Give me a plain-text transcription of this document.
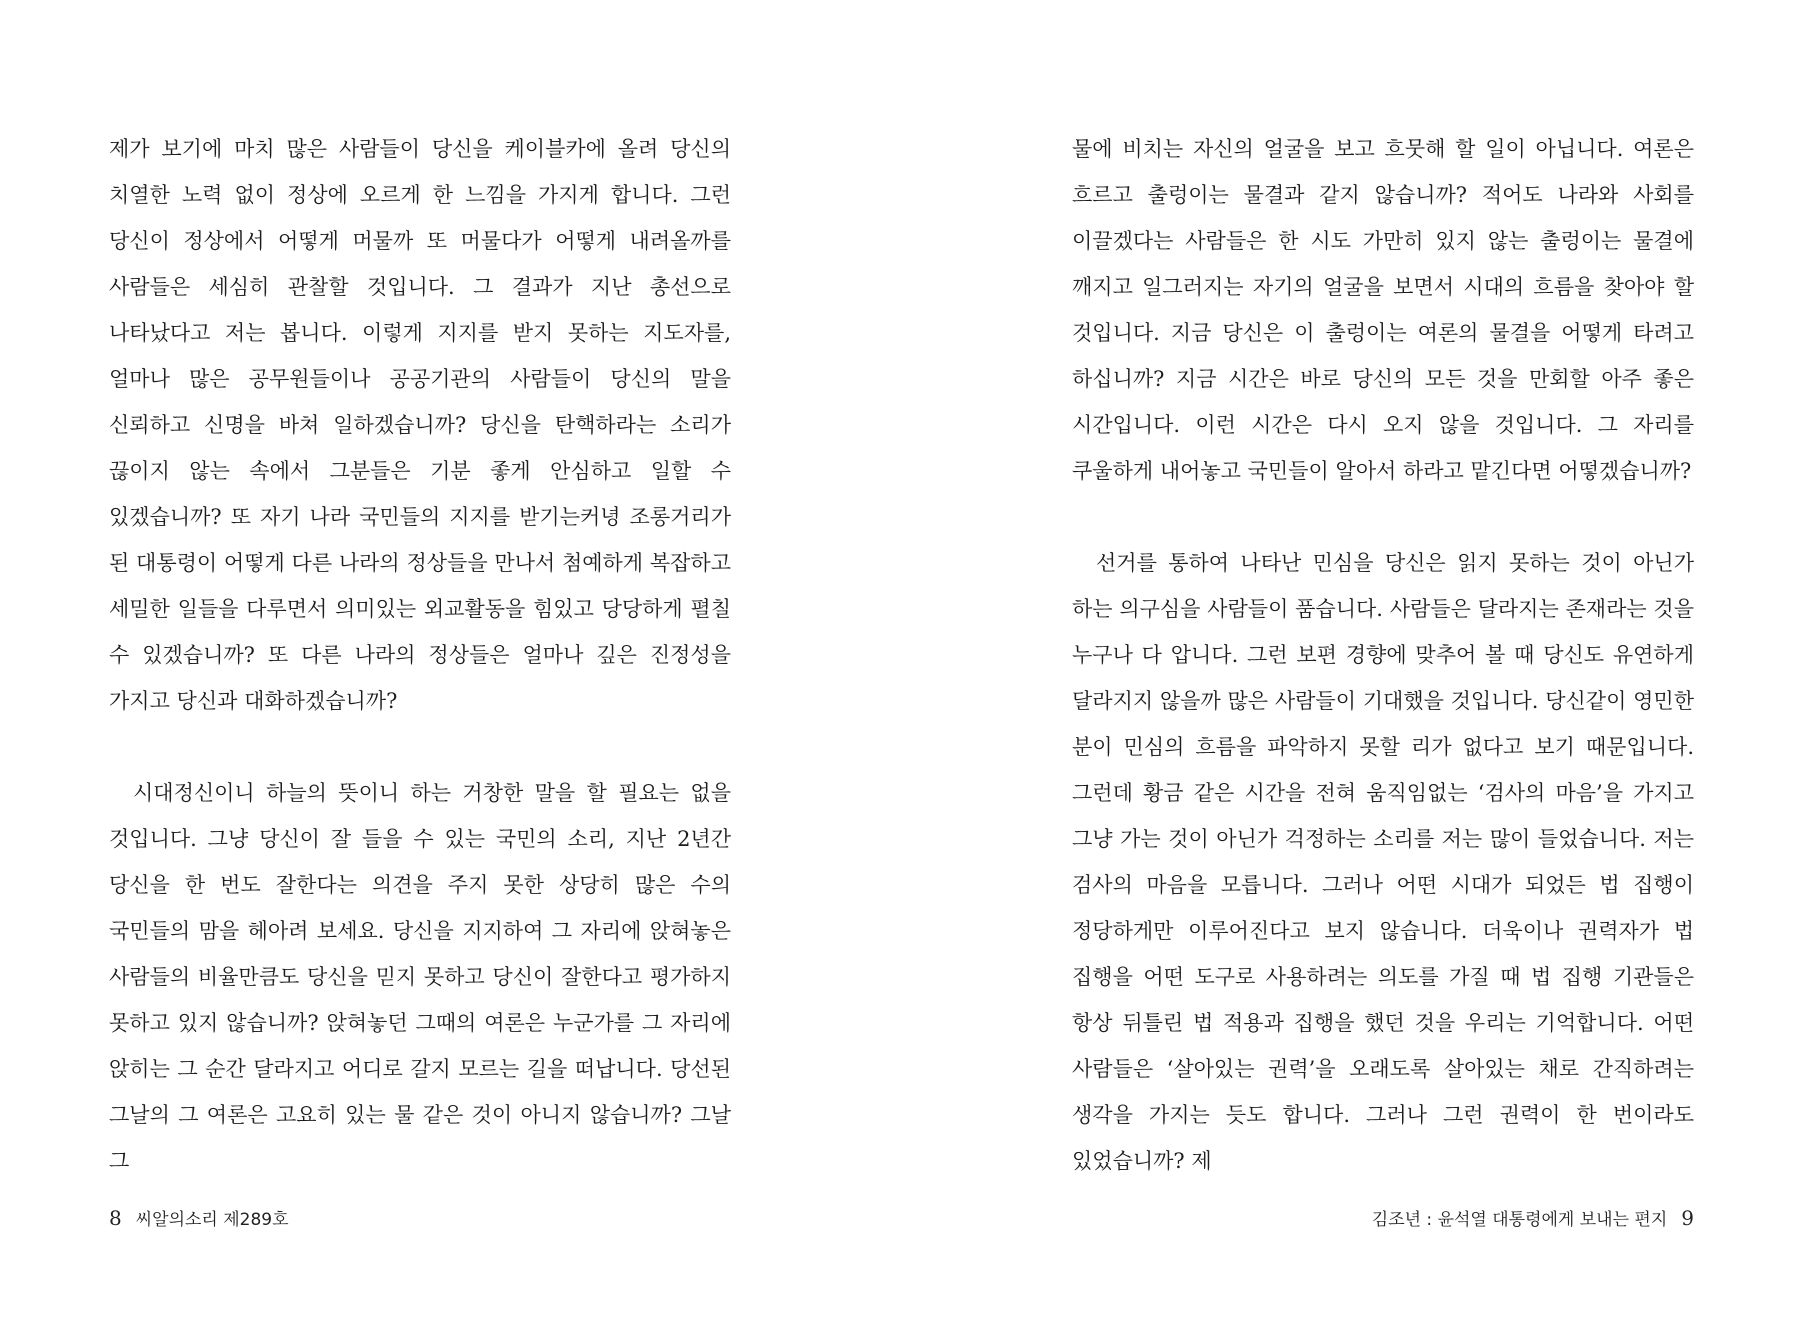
제가 보기에 마치 많은 사람들이 당신을 케이블카에 올려 당신의 치열한 노력 없이 정상에 오르게 한 느낌을 가지게 합니다. 그런 당신이 정상에서 어떻게 머물까 또 머물다가 어떻게 내려올까를 사람들은 세심히 관찰할 것입니다. 그 결과가 지난 총선으로 나타났다고 저는 봅니다. 이렇게 지지를 받지 못하는 지도자를, 얼마나 많은 공무원들이나 공공기관의 사람들이 당신의 말을 신뢰하고 신명을 바쳐 일하겠습니까? 당신을 탄핵하라는 소리가 끊이지 않는 속에서 그분들은 기분 좋게 안심하고 일할 수 있겠습니까? 또 자기 나라 국민들의 지지를 받기는커녕 조롱거리가 된 대통령이 어떻게 다른 나라의 정상들을 만나서 첨예하게 복잡하고 세밀한 일들을 다루면서 의미있는 외교활동을 힘있고 당당하게 펼칠 수 있겠습니까? 또 다른 나라의 정상들은 얼마나 깊은 진정성을 가지고 당신과 대화하겠습니까?

시대정신이니 하늘의 뜻이니 하는 거창한 말을 할 필요는 없을 것입니다. 그냥 당신이 잘 들을 수 있는 국민의 소리, 지난 2년간 당신을 한 번도 잘한다는 의견을 주지 못한 상당히 많은 수의 국민들의 맘을 헤아려 보세요. 당신을 지지하여 그 자리에 앉혀놓은 사람들의 비율만큼도 당신을 믿지 못하고 당신이 잘한다고 평가하지 못하고 있지 않습니까? 앉혀놓던 그때의 여론은 누군가를 그 자리에 앉히는 그 순간 달라지고 어디로 갈지 모르는 길을 떠납니다. 당선된 그날의 그 여론은 고요히 있는 물 같은 것이 아니지 않습니까? 그날 그

8 씨알의소리 제289호

물에 비치는 자신의 얼굴을 보고 흐뭇해 할 일이 아닙니다. 여론은 흐르고 출렁이는 물결과 같지 않습니까? 적어도 나라와 사회를 이끌겠다는 사람들은 한 시도 가만히 있지 않는 출렁이는 물결에 깨지고 일그러지는 자기의 얼굴을 보면서 시대의 흐름을 찾아야 할 것입니다. 지금 당신은 이 출렁이는 여론의 물결을 어떻게 타려고 하십니까? 지금 시간은 바로 당신의 모든 것을 만회할 아주 좋은 시간입니다. 이런 시간은 다시 오지 않을 것입니다. 그 자리를 쿠울하게 내어놓고 국민들이 알아서 하라고 맡긴다면 어떻겠습니까?

선거를 통하여 나타난 민심을 당신은 읽지 못하는 것이 아닌가 하는 의구심을 사람들이 품습니다. 사람들은 달라지는 존재라는 것을 누구나 다 압니다. 그런 보편 경향에 맞추어 볼 때 당신도 유연하게 달라지지 않을까 많은 사람들이 기대했을 것입니다. 당신같이 영민한 분이 민심의 흐름을 파악하지 못할 리가 없다고 보기 때문입니다. 그런데 황금 같은 시간을 전혀 움직임없는 ‘검사의 마음’을 가지고 그냥 가는 것이 아닌가 걱정하는 소리를 저는 많이 들었습니다. 저는 검사의 마음을 모릅니다. 그러나 어떤 시대가 되었든 법 집행이 정당하게만 이루어진다고 보지 않습니다. 더욱이나 권력자가 법 집행을 어떤 도구로 사용하려는 의도를 가질 때 법 집행 기관들은 항상 뒤틀린 법 적용과 집행을 했던 것을 우리는 기억합니다. 어떤 사람들은 ‘살아있는 권력’을 오래도록 살아있는 채로 간직하려는 생각을 가지는 듯도 합니다. 그러나 그런 권력이 한 번이라도 있었습니까? 제

김조년 : 윤석열 대통령에게 보내는 편지 9
